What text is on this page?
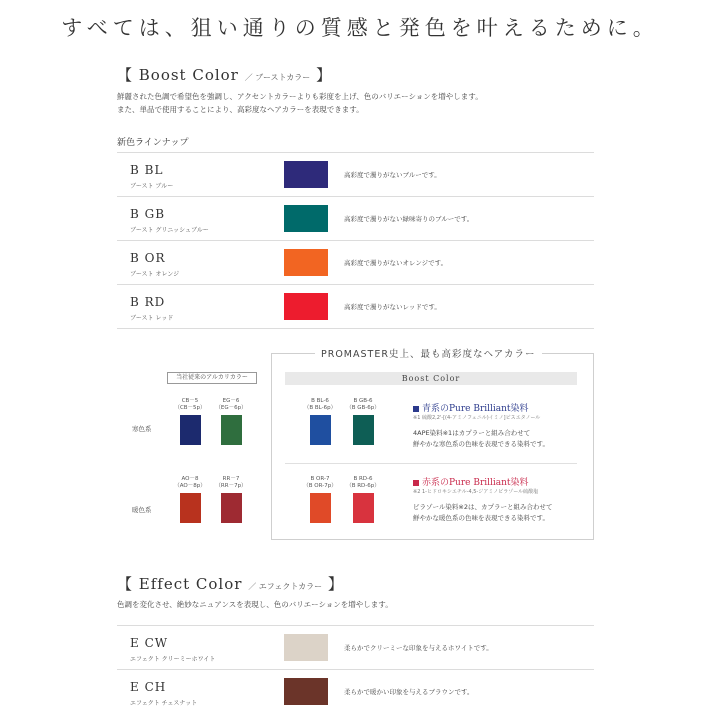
すべては、狙い通りの質感と発色を叶えるために。
【 Boost Color ／ ブーストカラー 】
鮮麗された色調で希望色を強調し、アクセントカラーよりも彩度を上げ、色のバリエーションを増やします。
また、単品で使用することにより、高彩度なヘアカラーを表現できます。
新色ラインナップ
B BL
ブースト ブルー
高彩度で濁りがないブルーです。
B GB
ブースト グリニッシュブルー
高彩度で濁りがない緑味寄りのブルーです。
B OR
ブースト オレンジ
高彩度で濁りがないオレンジです。
B RD
ブースト レッド
高彩度で濁りがないレッドです。
PROMASTER史上、最も高彩度なヘアカラー
Boost Color
当社従来のアルカリカラー
寒色系
暖色系
CB－5
（CB－5p）
EG－6
（EG－6p）
AO－8
（AO－8p）
RR－7
（RR－7p）
B BL-6
（B BL-6p）
B GB-6
（B GB-6p）
B OR-7
（B OR-7p）
B RD-6
（B RD-6p）
青系のPure Brilliant染料
※1 硫酸2,2'-[(4-アミノフェニル)イミノ]ビスエタノール
4APE染料※1はカプラーと組み合わせて
鮮やかな寒色系の色味を表現できる染料です。
赤系のPure Brilliant染料
※2 1-ヒドロキシエチル-4,5-ジアミノピラゾール硫酸塩
ピラゾール染料※2は、カプラーと組み合わせて
鮮やかな暖色系の色味を表現できる染料です。
【 Effect Color ／ エフェクトカラー 】
色調を変化させ、絶妙なニュアンスを表現し、色のバリエーションを増やします。
E CW
エフェクト クリーミーホワイト
柔らかでクリーミーな印象を与えるホワイトです。
E CH
エフェクト チェスナット
柔らかで暖かい印象を与えるブラウンです。
